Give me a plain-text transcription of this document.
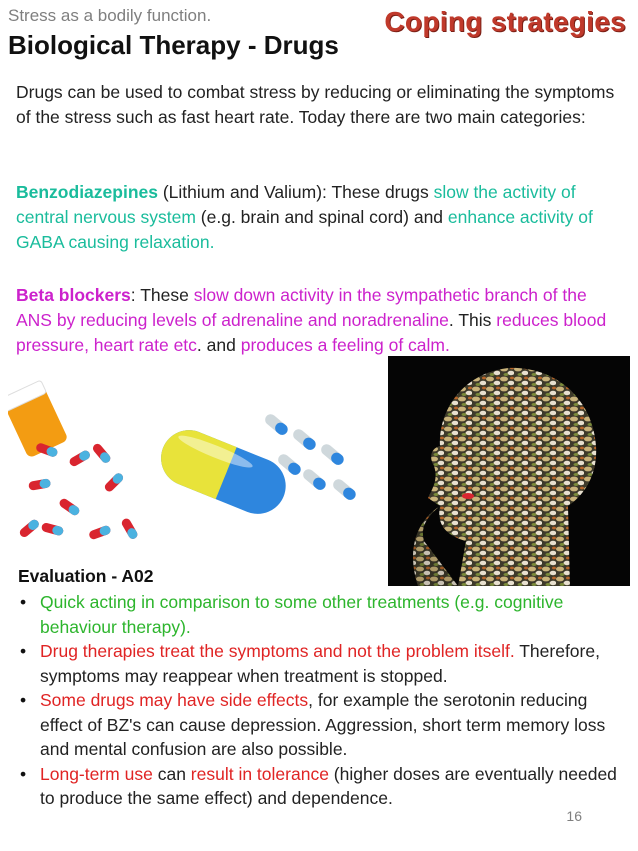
Stress as a bodily function.
Biological Therapy - Drugs
Coping strategies
Drugs can be used to combat stress by reducing or eliminating the symptoms of the stress such as fast heart rate. Today there are two main categories:
Benzodiazepines (Lithium and Valium): These drugs slow the activity of central nervous system (e.g. brain and spinal cord) and enhance activity of GABA causing relaxation.
Beta blockers: These slow down activity in the sympathetic branch of the ANS by reducing levels of adrenaline and noradrenaline. This reduces blood pressure, heart rate etc. and produces a feeling of calm.
Evaluation - A02
• Quick acting in comparison to some other treatments (e.g. cognitive behaviour therapy).
• Drug therapies treat the symptoms and not the problem itself. Therefore, symptoms may reappear when treatment is stopped.
• Some drugs may have side effects, for example the serotonin reducing effect of BZ's can cause depression. Aggression, short term memory loss and mental confusion are also possible.
• Long-term use can result in tolerance (higher doses are eventually needed to produce the same effect) and dependence.
16
